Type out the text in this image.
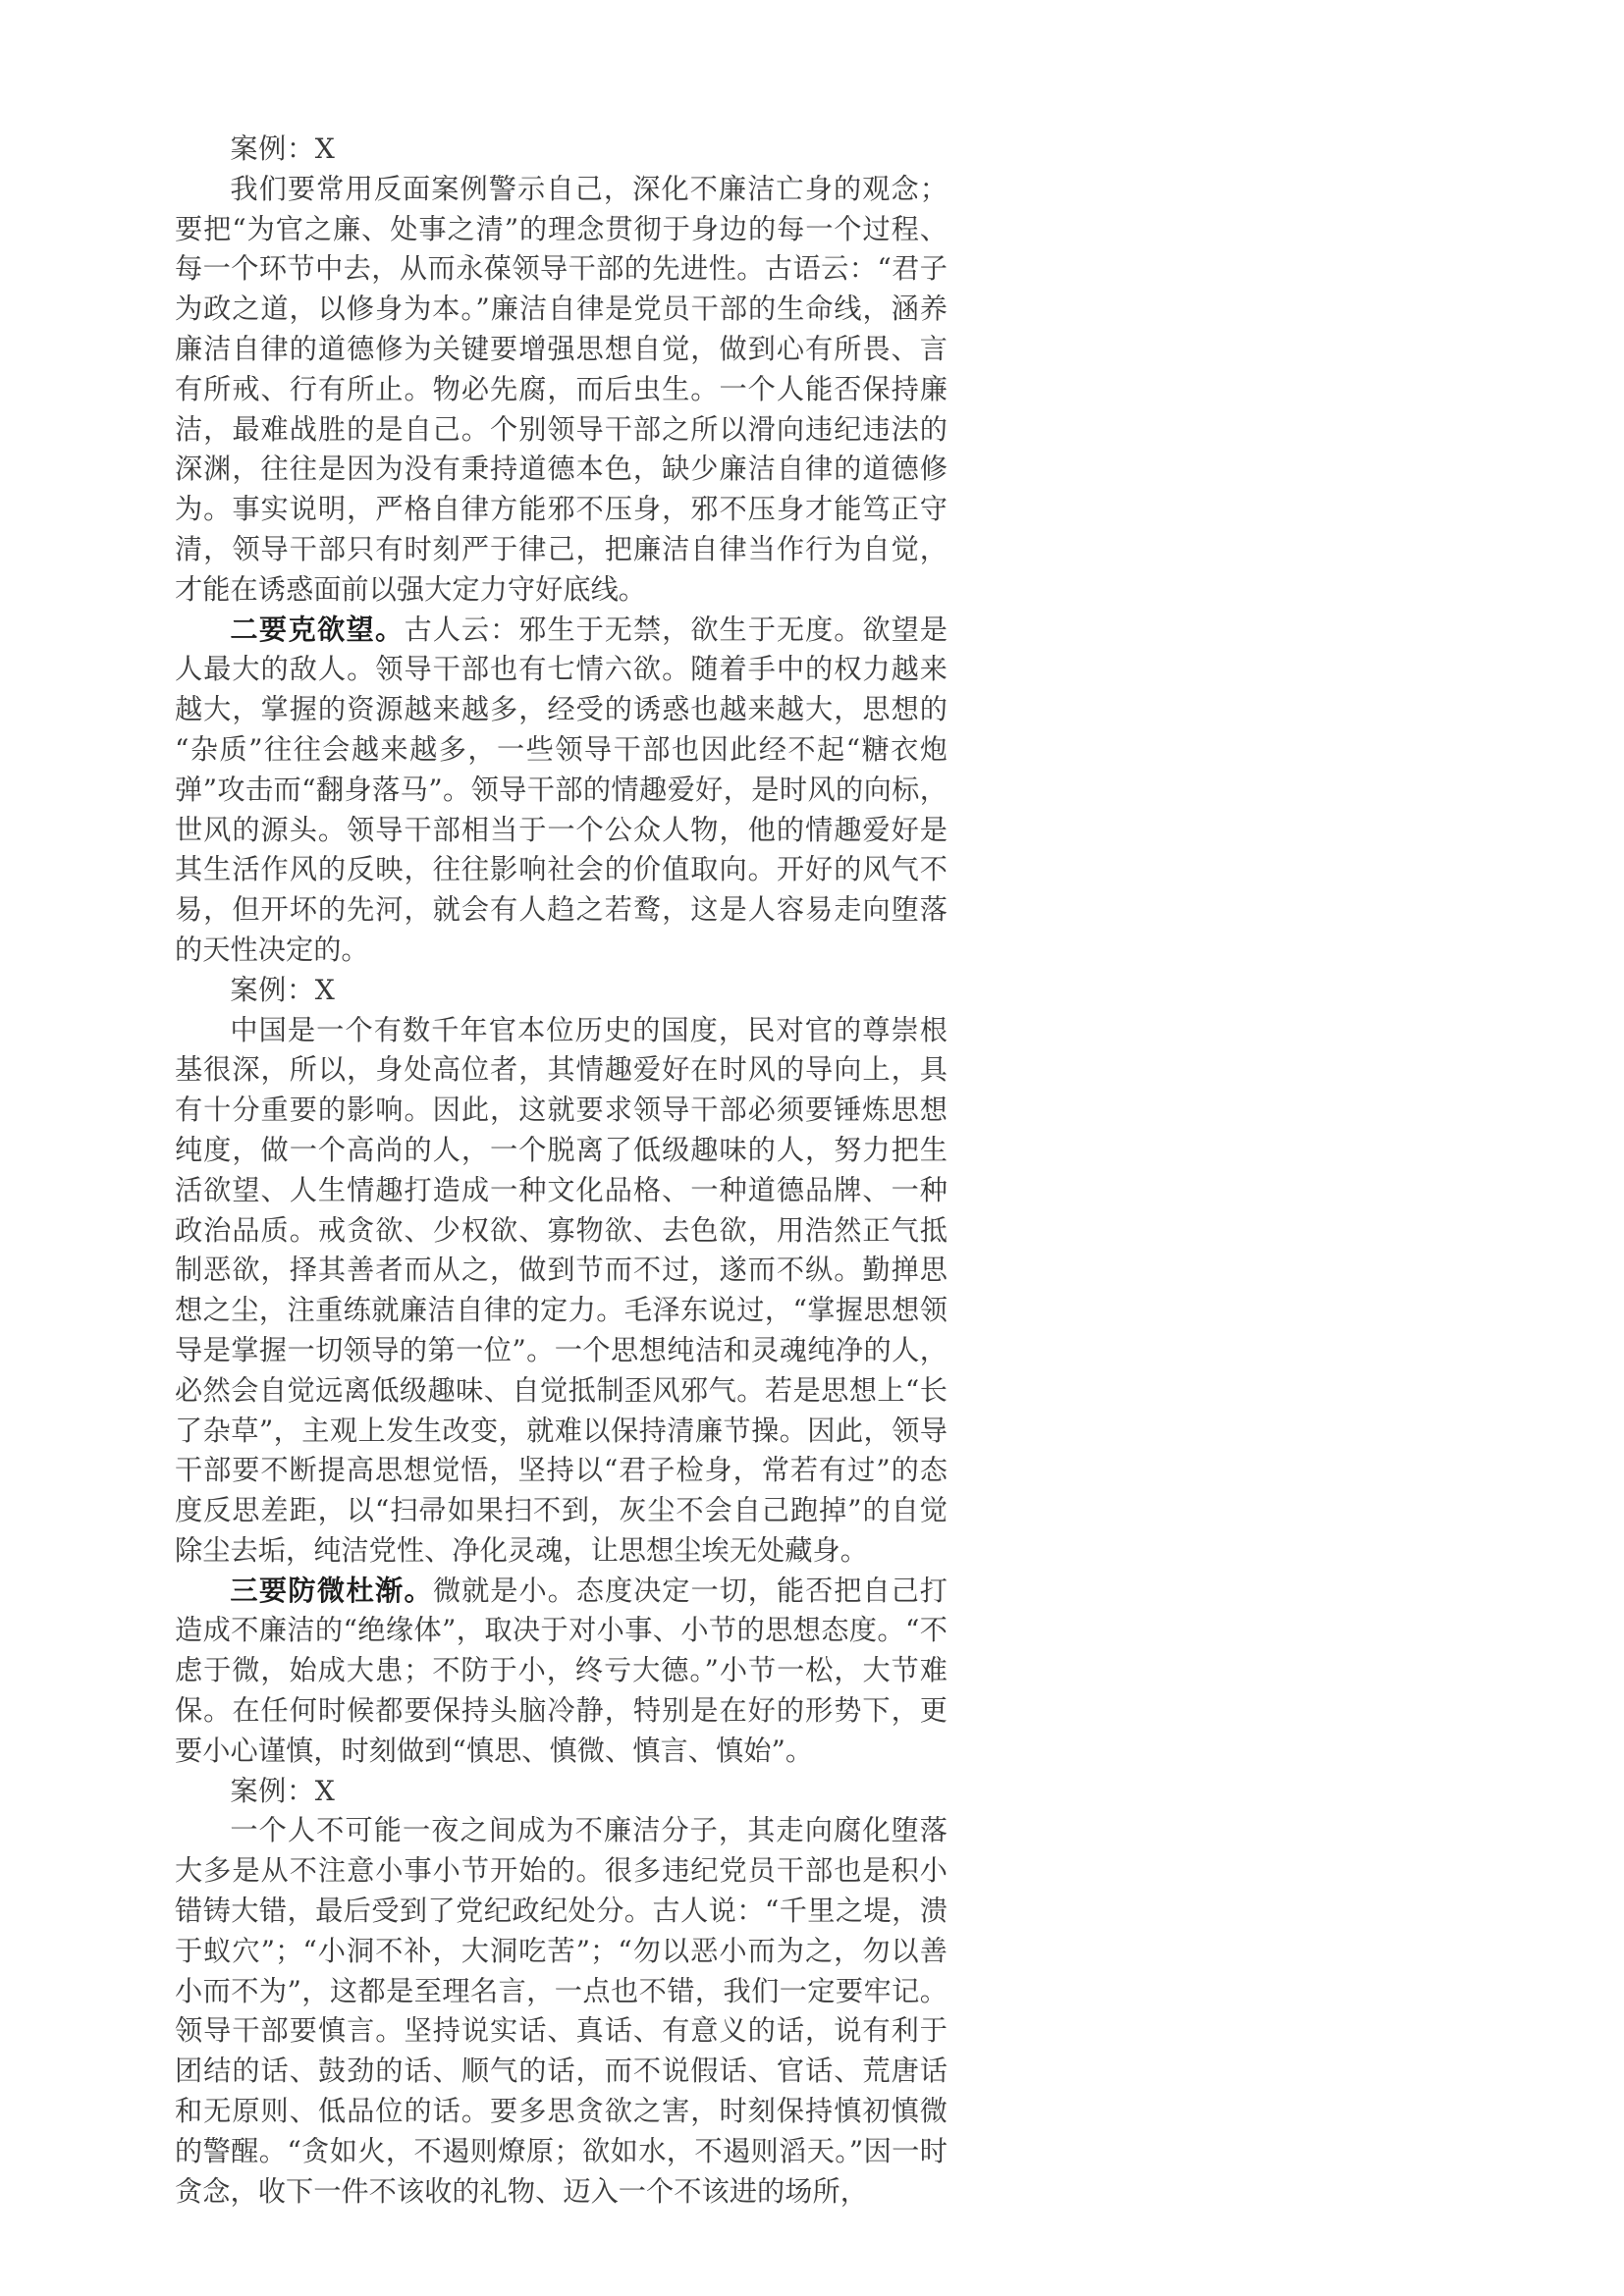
案例：X

我们要常用反面案例警示自己，深化不廉洁亡身的观念；要把“为官之廉、处事之清”的理念贯彻于身边的每一个过程、每一个环节中去，从而永葆领导干部的先进性。古语云：“君子为政之道，以修身为本。”廉洁自律是党员干部的生命线，涵养廉洁自律的道德修为关键要增强思想自觉，做到心有所畏、言有所戒、行有所止。物必先腐，而后虫生。一个人能否保持廉洁，最难战胜的是自己。个别领导干部之所以滑向违纪违法的深渊，往往是因为没有秉持道德本色，缺少廉洁自律的道德修为。事实说明，严格自律方能邪不压身，邪不压身才能笃正守清，领导干部只有时刻严于律己，把廉洁自律当作行为自觉，才能在诱惑面前以强大定力守好底线。

二要克欲望。古人云：邪生于无禁，欲生于无度。欲望是人最大的敌人。领导干部也有七情六欲。随着手中的权力越来越大，掌握的资源越来越多，经受的诱惑也越来越大，思想的“杂质”往往会越来越多，一些领导干部也因此经不起“糖衣炮弹”攻击而“翻身落马”。领导干部的情趣爱好，是时风的向标，世风的源头。领导干部相当于一个公众人物，他的情趣爱好是其生活作风的反映，往往影响社会的价值取向。开好的风气不易，但开坏的先河，就会有人趋之若鹜，这是人容易走向堕落的天性决定的。

案例：X

中国是一个有数千年官本位历史的国度，民对官的尊崇根基很深，所以，身处高位者，其情趣爱好在时风的导向上，具有十分重要的影响。因此，这就要求领导干部必须要锤炼思想纯度，做一个高尚的人，一个脱离了低级趣味的人，努力把生活欲望、人生情趣打造成一种文化品格、一种道德品牌、一种政治品质。戒贪欲、少权欲、寡物欲、去色欲，用浩然正气抵制恶欲，择其善者而从之，做到节而不过，遂而不纵。勤掸思想之尘，注重练就廉洁自律的定力。毛泽东说过，“掌握思想领导是掌握一切领导的第一位”。一个思想纯洁和灵魂纯净的人，必然会自觉远离低级趣味、自觉抵制歪风邪气。若是思想上“长了杂草”，主观上发生改变，就难以保持清廉节操。因此，领导干部要不断提高思想觉悟，坚持以“君子检身，常若有过”的态度反思差距，以“扫帚如果扫不到，灰尘不会自己跑掉”的自觉除尘去垢，纯洁党性、净化灵魂，让思想尘埃无处藏身。

三要防微杜渐。微就是小。态度决定一切，能否把自己打造成不廉洁的“绝缘体”，取决于对小事、小节的思想态度。“不虑于微，始成大患；不防于小，终亏大德。”小节一松，大节难保。在任何时候都要保持头脑冷静，特别是在好的形势下，更要小心谨慎，时刻做到“慎思、慎微、慎言、慎始”。

案例：X

一个人不可能一夜之间成为不廉洁分子，其走向腐化堕落大多是从不注意小事小节开始的。很多违纪党员干部也是积小错铸大错，最后受到了党纪政纪处分。古人说：“千里之堤，溃于蚁穴”；“小洞不补，大洞吃苦”；“勿以恶小而为之，勿以善小而不为”，这都是至理名言，一点也不错，我们一定要牢记。领导干部要慎言。坚持说实话、真话、有意义的话，说有利于团结的话、鼓劲的话、顺气的话，而不说假话、官话、荒唐话和无原则、低品位的话。要多思贪欲之害，时刻保持慎初慎微的警醒。“贪如火，不遏则燎原；欲如水，不遏则滔天。”因一时贪念，收下一件不该收的礼物、迈入一个不该进的场所，
